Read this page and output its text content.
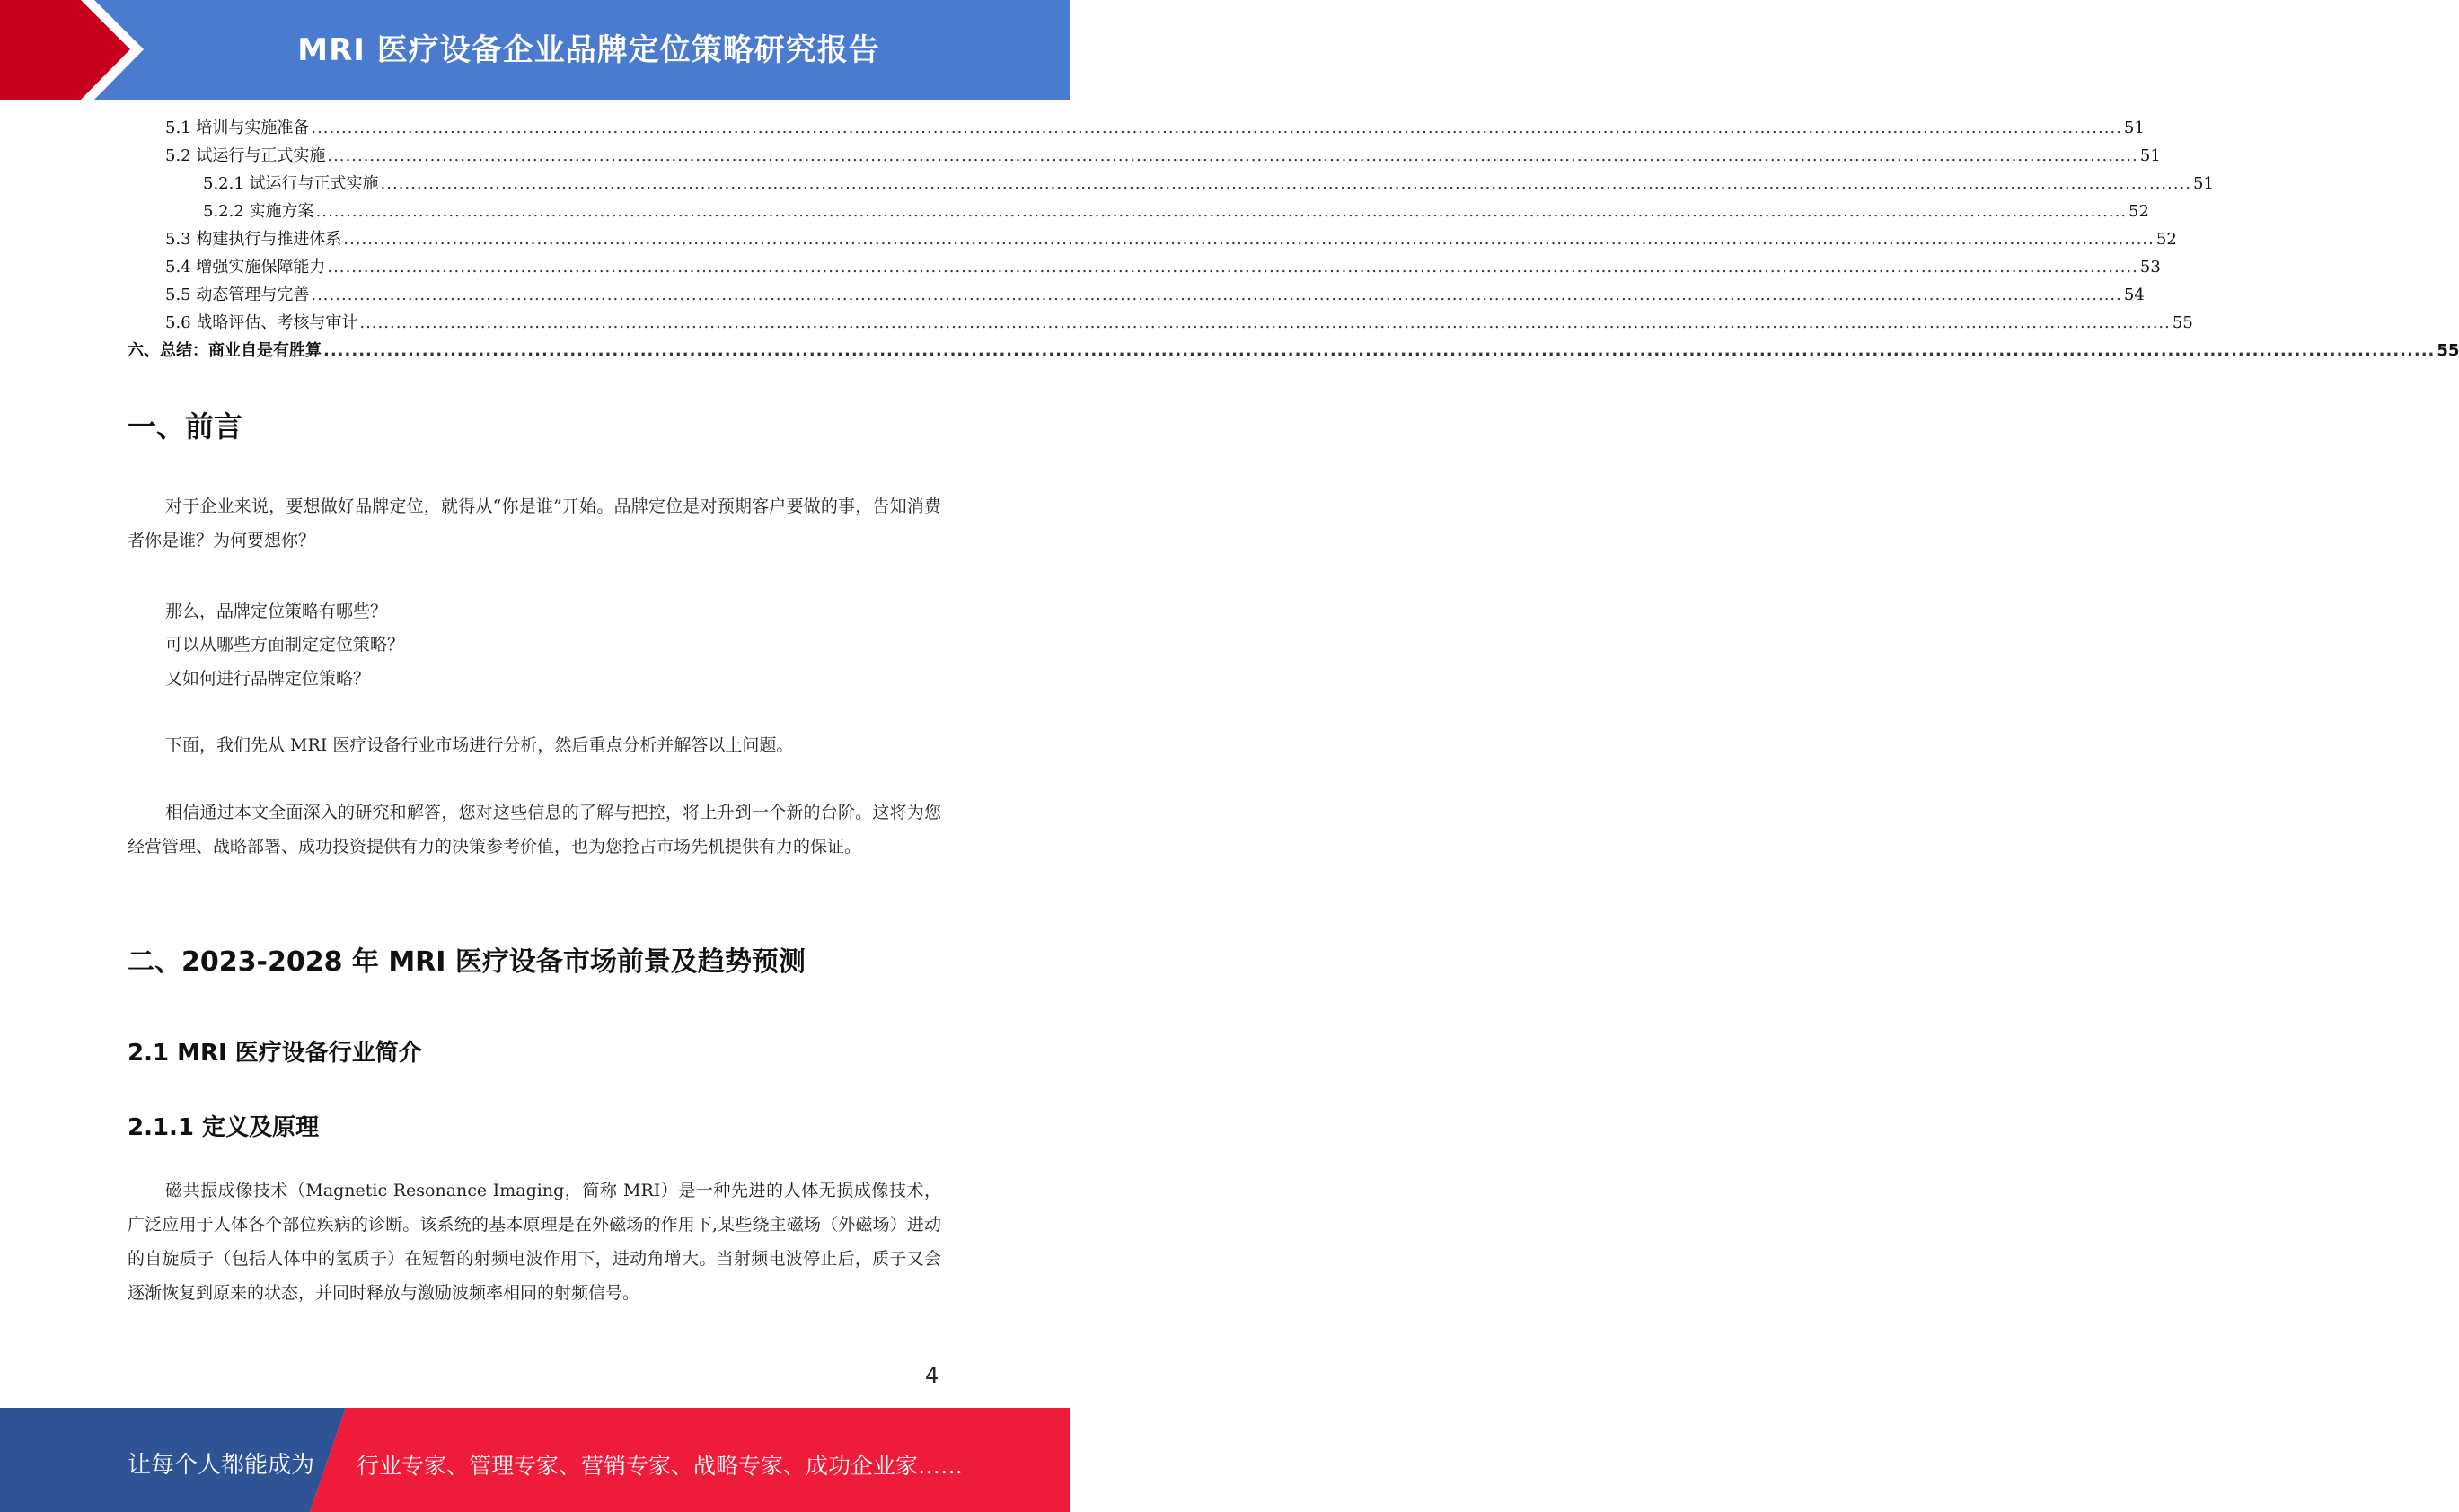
MRI 医疗设备企业品牌定位策略研究报告
5.1 培训与实施准备 ............................................................................................................................................................................................................................................................................................................ 51
5.2 试运行与正式实施 ............................................................................................................................................................................................................................................................................................................ 51
5.2.1 试运行与正式实施 ............................................................................................................................................................................................................................................................................................................ 51
5.2.2 实施方案 ............................................................................................................................................................................................................................................................................................................ 52
5.3 构建执行与推进体系 ............................................................................................................................................................................................................................................................................................................ 52
5.4 增强实施保障能力 ............................................................................................................................................................................................................................................................................................................ 53
5.5 动态管理与完善 ............................................................................................................................................................................................................................................................................................................ 54
5.6 战略评估、考核与审计 ............................................................................................................................................................................................................................................................................................................ 55
六、总结：商业自是有胜算 ............................................................................................................................................................................................................................................................................................................ 55
一、前言
对于企业来说，要想做好品牌定位，就得从“你是谁”开始。品牌定位是对预期客户要做的事，告知消费者你是谁？为何要想你？
那么，品牌定位策略有哪些？
可以从哪些方面制定定位策略？
又如何进行品牌定位策略？
下面，我们先从 MRI 医疗设备行业市场进行分析，然后重点分析并解答以上问题。
相信通过本文全面深入的研究和解答，您对这些信息的了解与把控，将上升到一个新的台阶。这将为您经营管理、战略部署、成功投资提供有力的决策参考价值，也为您抢占市场先机提供有力的保证。
二、2023-2028 年 MRI 医疗设备市场前景及趋势预测
2.1 MRI 医疗设备行业简介
2.1.1 定义及原理
磁共振成像技术（Magnetic Resonance Imaging，简称 MRI）是一种先进的人体无损成像技术，广泛应用于人体各个部位疾病的诊断。该系统的基本原理是在外磁场的作用下,某些绕主磁场（外磁场）进动的自旋质子（包括人体中的氢质子）在短暂的射频电波作用下，进动角增大。当射频电波停止后，质子又会逐渐恢复到原来的状态，并同时释放与激励波频率相同的射频信号。
4
让每个人都能成为 行业专家、管理专家、营销专家、战略专家、成功企业家……
